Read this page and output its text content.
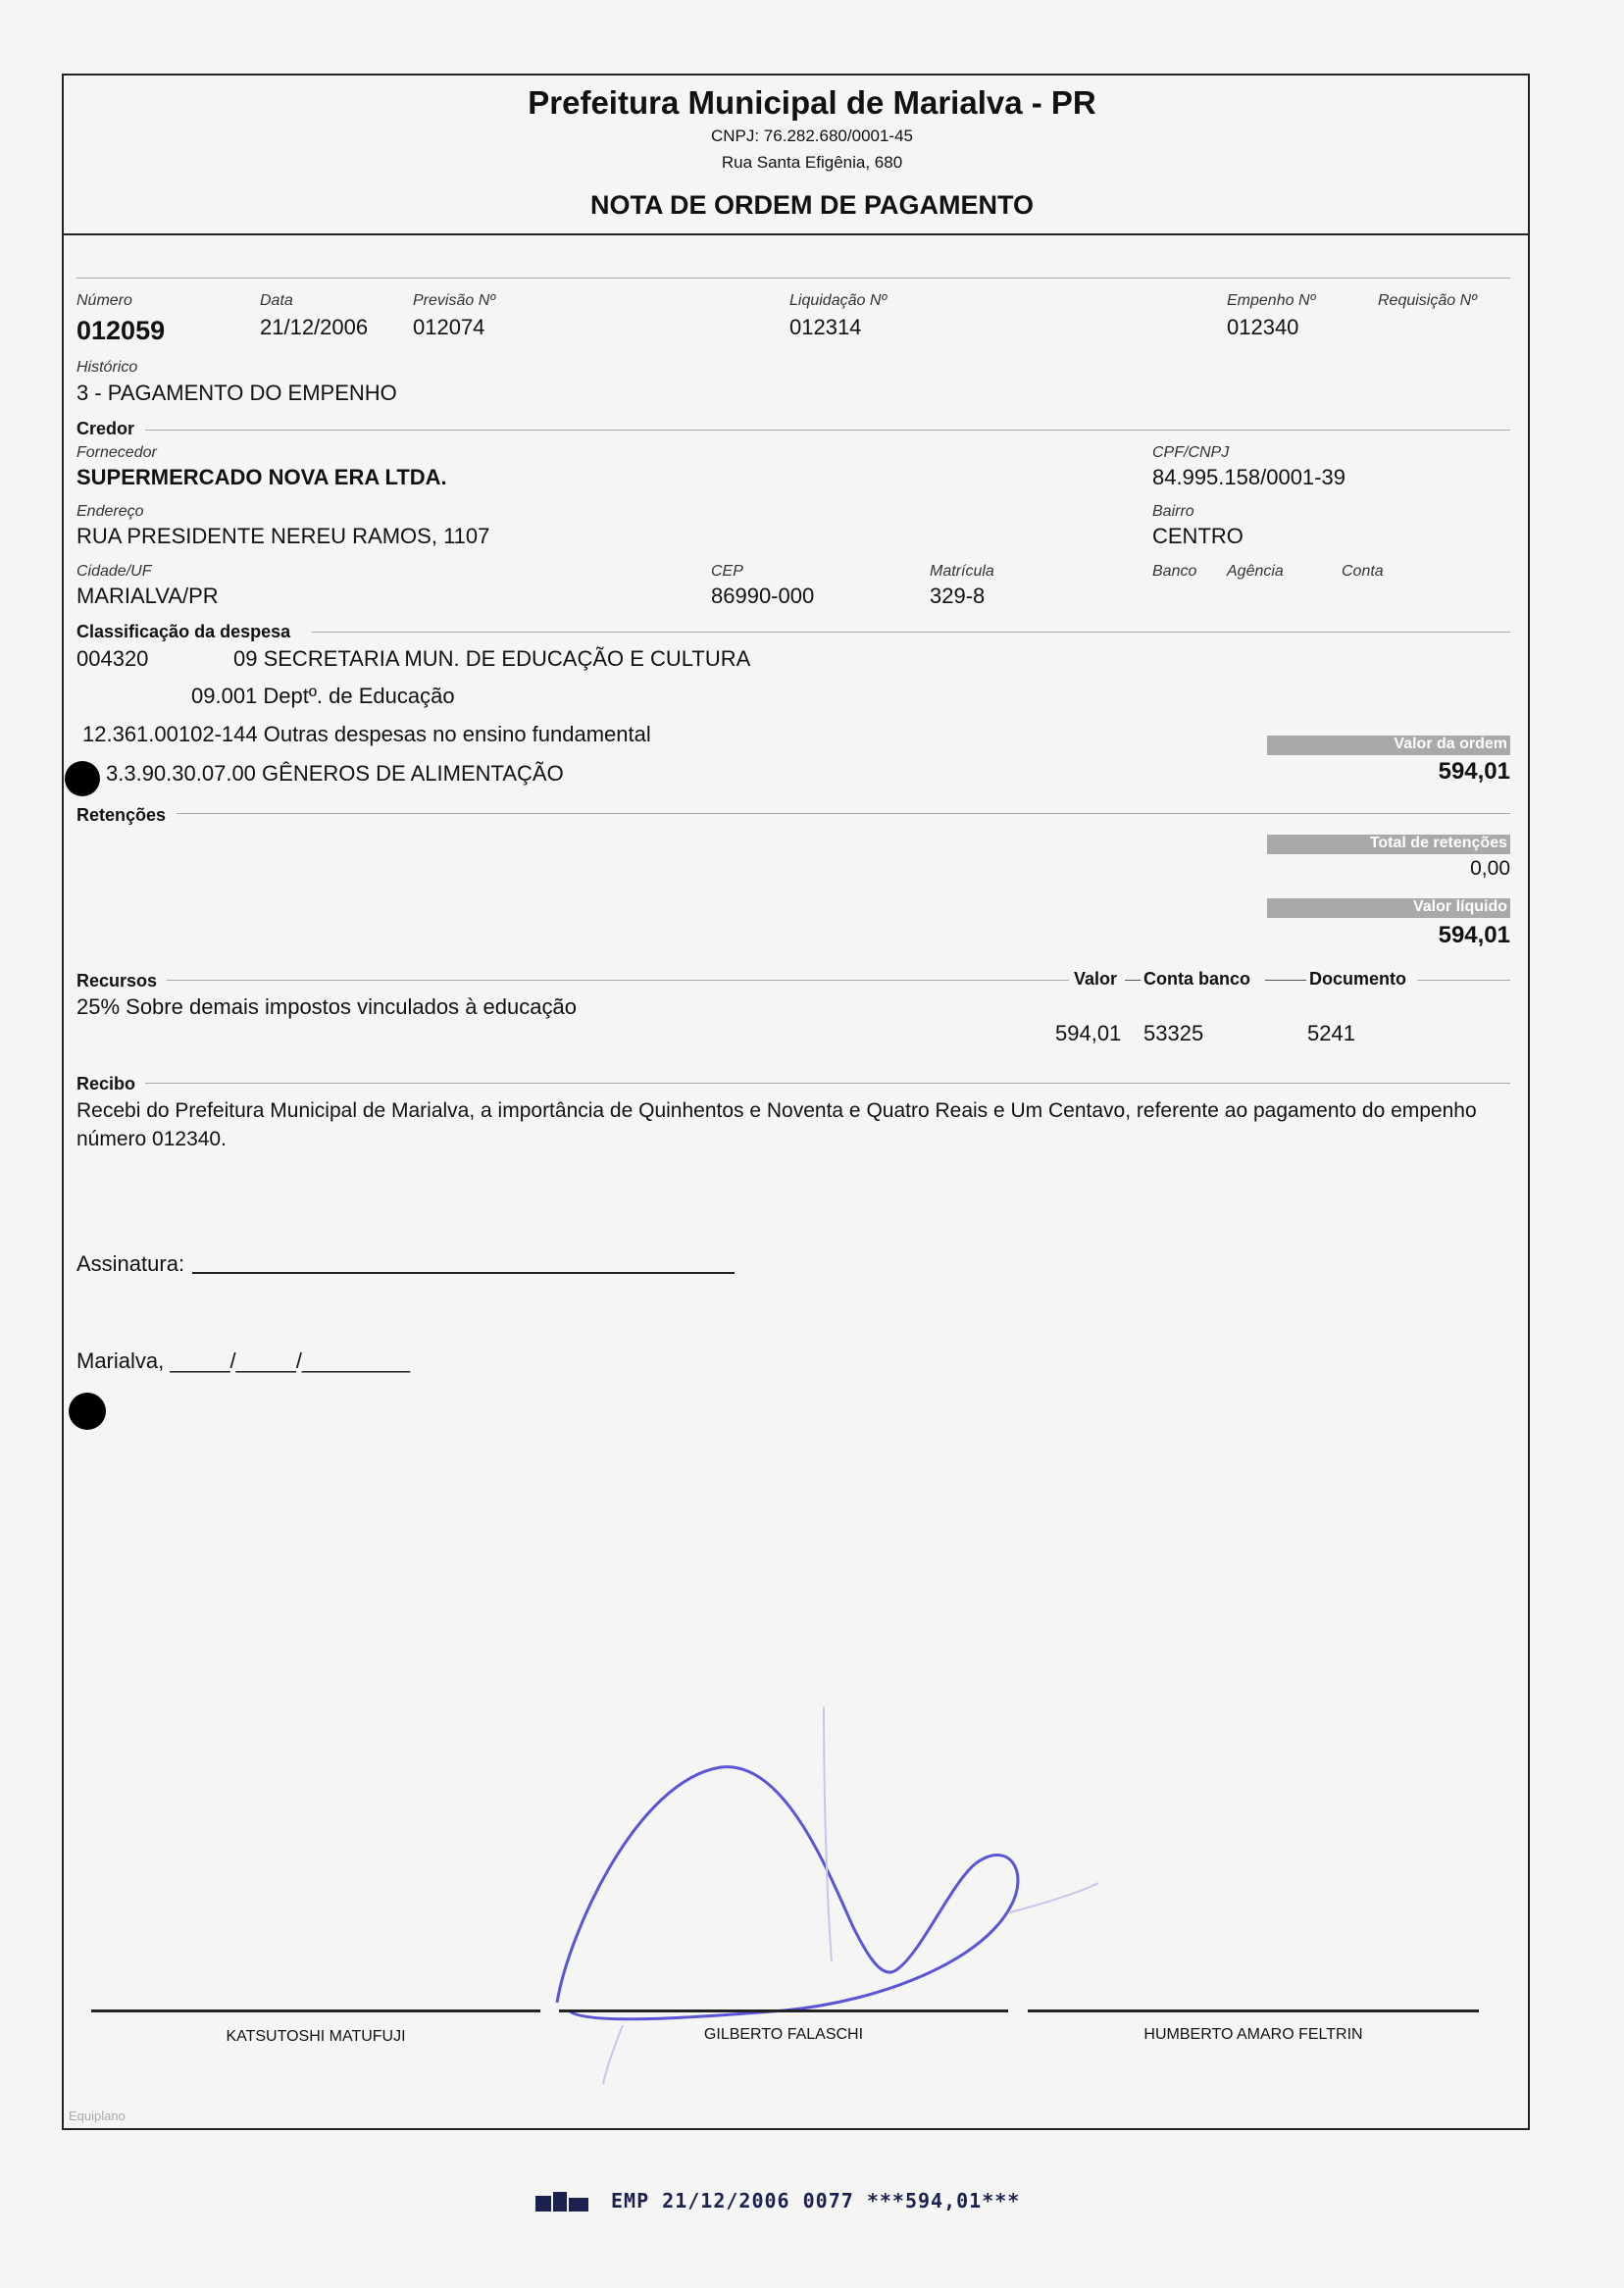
Prefeitura Municipal de Marialva - PR
CNPJ: 76.282.680/0001-45
Rua Santa Efigênia, 680
NOTA DE ORDEM DE PAGAMENTO
Número
012059
Data
21/12/2006
Previsão Nº
012074
Liquidação Nº
012314
Empenho Nº
012340
Requisição Nº
Histórico
3 - PAGAMENTO DO EMPENHO
Credor
Fornecedor
SUPERMERCADO NOVA ERA LTDA.
CPF/CNPJ
84.995.158/0001-39
Endereço
RUA PRESIDENTE NEREU RAMOS, 1107
Bairro
CENTRO
Cidade/UF
MARIALVA/PR
CEP
86990-000
Matrícula
329-8
Banco Agência	Conta
Classificação da despesa
004320	09 SECRETARIA MUN. DE EDUCAÇÃO E CULTURA
09.001 Deptº. de Educação
12.361.00102-144 Outras despesas no ensino fundamental
3.3.90.30.07.00 GÊNEROS DE ALIMENTAÇÃO
Valor da ordem
594,01
Retenções
Total de retenções
0,00
Valor líquido
594,01
Recursos	Valor Conta banco	Documento
25% Sobre demais impostos vinculados à educação
594,01 53325	5241
Recibo
Recebi do Prefeitura Municipal de Marialva, a importância de Quinhentos e Noventa e Quatro Reais e Um Centavo, referente ao pagamento do empenho número 012340.
Assinatura:
Marialva, _____/_____/_________
KATSUTOSHI MATUFUJI	GILBERTO FALASCHI	HUMBERTO AMARO FELTRIN
Equiplano
EMP 21/12/2006 0077 ***594,01***
